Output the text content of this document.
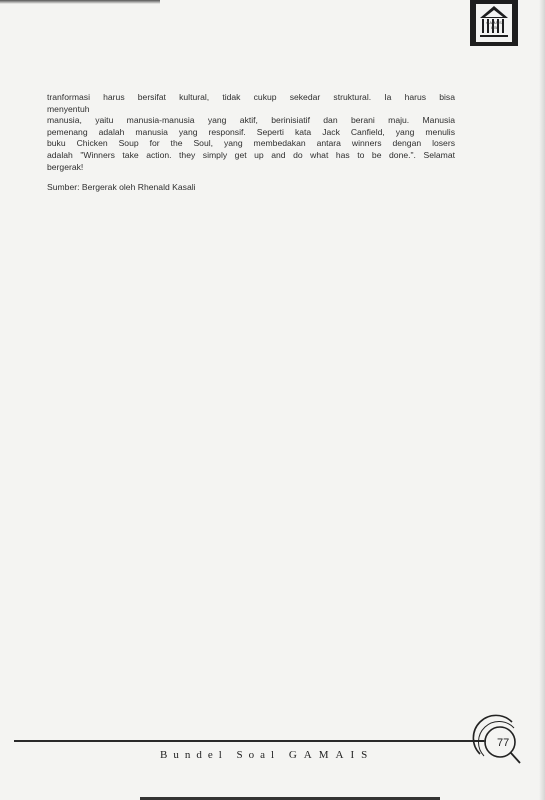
GAMAIS
ITB

tranformasi harus bersifat kultural, tidak cukup sekedar struktural. Ia harus bisa

menyentuh

manusia, yaitu manusia-manusia yang aktif, berinisiatif dan berani maju. Manusia

pemenang adalah manusia yang responsif. Seperti kata Jack Canfield, yang menulis

buku Chicken Soup for the Soul, yang membedakan antara winners dengan losers

adalah "Winners take action. they simply get up and do what has to be done.". Selamat

bergerak!

Sumber: Bergerak oleh Rhenald Kasali

Bundel Soal GAMAIS
77
